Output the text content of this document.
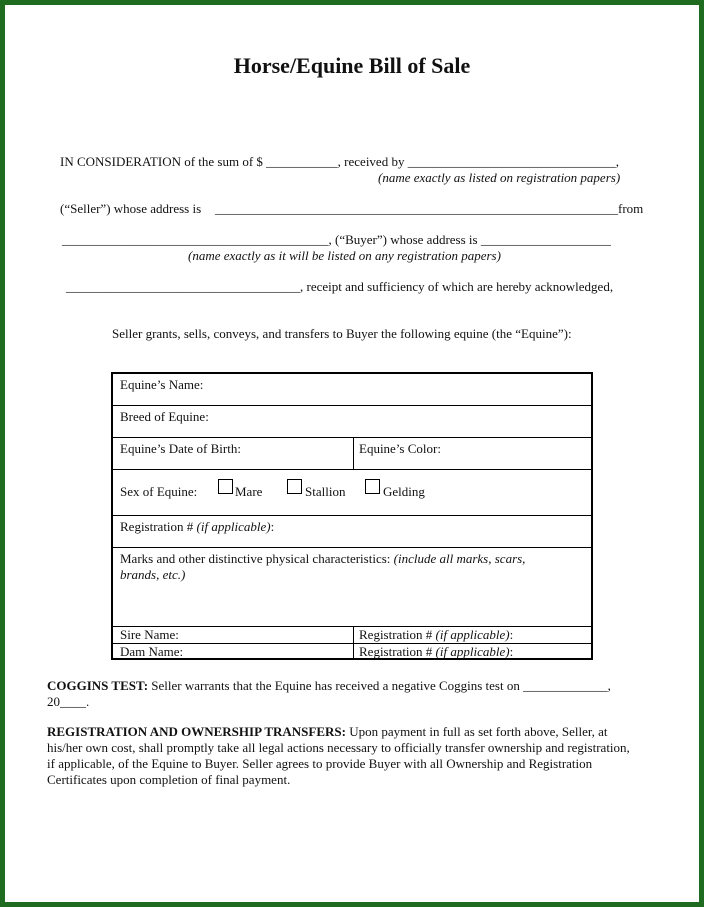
Horse/Equine Bill of Sale
IN CONSIDERATION of the sum of $ ___________, received by ________________________________,
(name exactly as listed on registration papers)
(“Seller”) whose address is ______________________________________________________________ from
_________________________________________, (“Buyer”) whose address is ____________________
(name exactly as it will be listed on any registration papers)
____________________________________, receipt and sufficiency of which are hereby acknowledged,
Seller grants, sells, conveys, and transfers to Buyer the following equine (the “Equine”):
Equine’s Name:
Breed of Equine:
Equine’s Date of Birth:	Equine’s Color:
Sex of Equine:	Mare	Stallion	Gelding
Registration # (if applicable):
Marks and other distinctive physical characteristics: (include all marks, scars,
brands, etc.)
Sire Name:	Registration # (if applicable):
Dam Name:	Registration # (if applicable):
COGGINS TEST: Seller warrants that the Equine has received a negative Coggins test on _____________,
20____.
REGISTRATION AND OWNERSHIP TRANSFERS: Upon payment in full as set forth above, Seller, at
his/her own cost, shall promptly take all legal actions necessary to officially transfer ownership and registration,
if applicable, of the Equine to Buyer. Seller agrees to provide Buyer with all Ownership and Registration
Certificates upon completion of final payment.
